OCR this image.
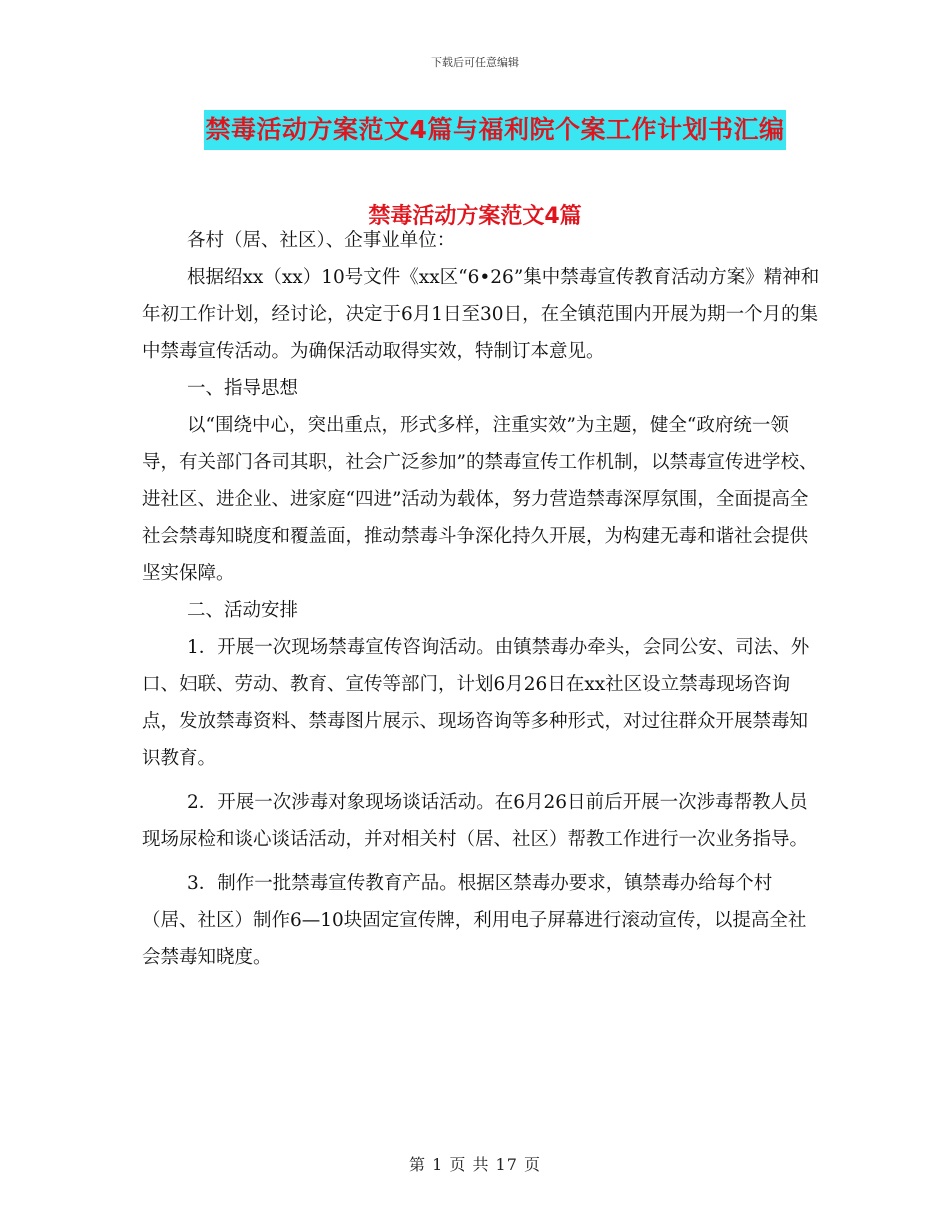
下载后可任意编辑
禁毒活动方案范文4篇与福利院个案工作计划书汇编
禁毒活动方案范文4篇

各村（居、社区）、企事业单位：

根据绍xx（xx）10号文件《xx区“6•26”集中禁毒宣传教育活动方案》精神和年初工作计划，经讨论，决定于6月1日至30日，在全镇范围内开展为期一个月的集中禁毒宣传活动。为确保活动取得实效，特制订本意见。

一、指导思想

以“围绕中心，突出重点，形式多样，注重实效”为主题，健全“政府统一领导，有关部门各司其职，社会广泛参加”的禁毒宣传工作机制，以禁毒宣传进学校、进社区、进企业、进家庭“四进”活动为载体，努力营造禁毒深厚氛围，全面提高全社会禁毒知晓度和覆盖面，推动禁毒斗争深化持久开展，为构建无毒和谐社会提供坚实保障。

二、活动安排

1．开展一次现场禁毒宣传咨询活动。由镇禁毒办牵头，会同公安、司法、外口、妇联、劳动、教育、宣传等部门，计划6月26日在xx社区设立禁毒现场咨询点，发放禁毒资料、禁毒图片展示、现场咨询等多种形式，对过往群众开展禁毒知识教育。

2．开展一次涉毒对象现场谈话活动。在6月26日前后开展一次涉毒帮教人员现场尿检和谈心谈话活动，并对相关村（居、社区）帮教工作进行一次业务指导。

3．制作一批禁毒宣传教育产品。根据区禁毒办要求，镇禁毒办给每个村（居、社区）制作6—10块固定宣传牌，利用电子屏幕进行滚动宣传，以提高全社会禁毒知晓度。

第 1 页 共 17 页
